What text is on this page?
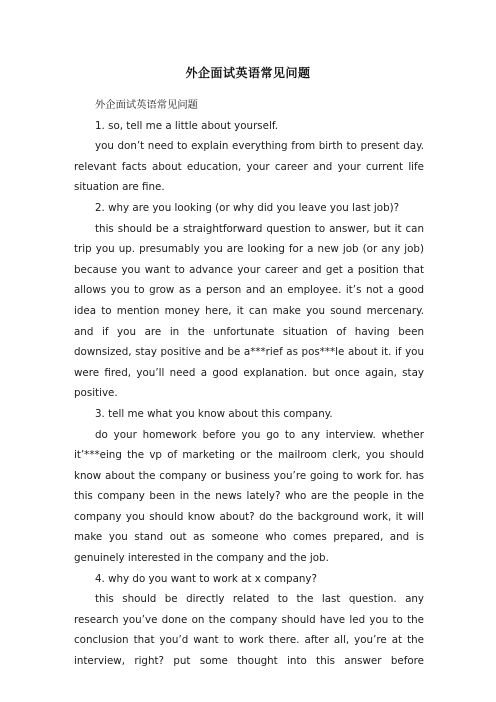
外企面试英语常见问题

外企面试英语常见问题

1. so, tell me a little about yourself.

you don’t need to explain everything from birth to present day. relevant facts about education, your career and your current life situation are fine.

2. why are you looking (or why did you leave you last job)?

this should be a straightforward question to answer, but it can trip you up. presumably you are looking for a new job (or any job) because you want to advance your career and get a position that allows you to grow as a person and an employee. it’s not a good idea to mention money here, it can make you sound mercenary. and if you are in the unfortunate situation of having been downsized, stay positive and be a***rief as pos***le about it. if you were fired, you’ll need a good explanation. but once again, stay positive.

3. tell me what you know about this company.

do your homework before you go to any interview. whether it’***eing the vp of marketing or the mailroom clerk, you should know about the company or business you’re going to work for. has this company been in the news lately? who are the people in the company you should know about? do the background work, it will make you stand out as someone who comes prepared, and is genuinely interested in the company and the job.

4. why do you want to work at x company?

this should be directly related to the last question. any research you’ve done on the company should have led you to the conclusion that you’d want to work there. after all, you’re at the interview, right? put some thought into this answer before
